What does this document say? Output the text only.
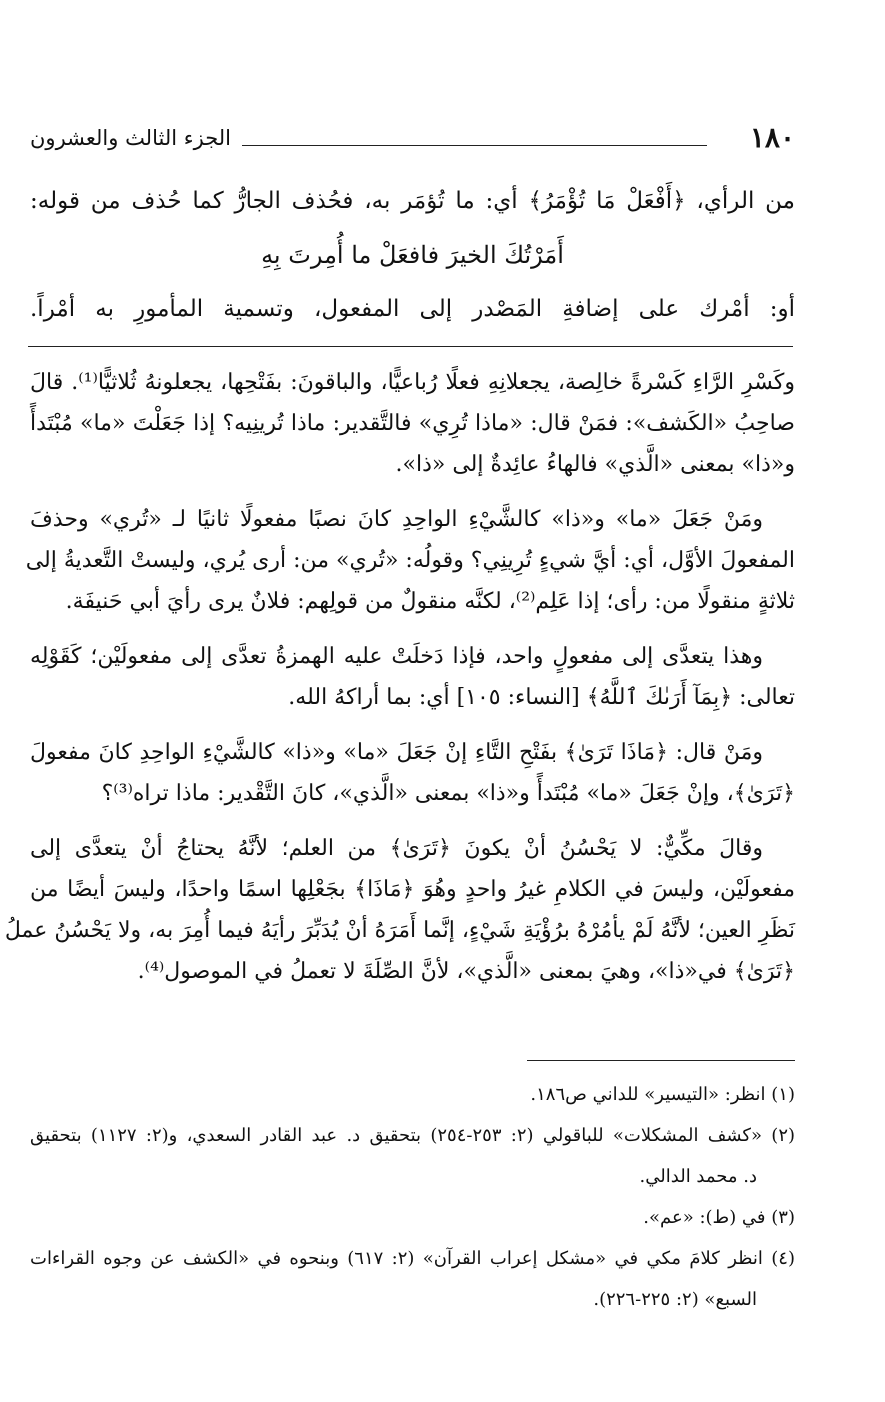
١٨٠
الجزء الثالث والعشرون
من الرأي، ﴿أَفْعَلْ مَا تُؤْمَرُ﴾ أي: ما تُؤمَر به، فحُذف الجارُّ كما حُذف من قوله:
أَمَرْتُكَ الخيرَ فافعَلْ ما أُمِرتَ بِهِ
أو: أمْرك على إضافةِ المَصْدر إلى المفعول، وتسمية المأمورِ به أمْراً.
وكَسْرِ الرَّاءِ كَسْرةً خالِصة، يجعلانِهِ فعلًا رُباعيًّا، والباقونَ: بفَتْحِها، يجعلونهُ ثُلاثيًّا⁽¹⁾. قالَ
صاحِبُ «الكَشف»: فمَنْ قال: «ماذا تُرِي» فالتَّقدير: ماذا تُرينِيه؟ إذا جَعَلْتَ «ما» مُبْتَدأً
و«ذا» بمعنى «الَّذي» فالهاءُ عائِدةٌ إلى «ذا».
ومَنْ جَعَلَ «ما» و«ذا» كالشَّيْءِ الواحِدِ كانَ نصبًا مفعولًا ثانيًا لـ «تُري» وحذفَ
المفعولَ الأوَّل، أي: أيَّ شيءٍ تُرِينِي؟ وقولُه: «تُري» من: أرى يُري، وليستْ التَّعديةُ إلى
ثلاثةٍ منقولًا من: رأى؛ إذا عَلِم⁽²⁾، لكنَّه منقولٌ من قولِهم: فلانٌ يرى رأيَ أبي حَنيفَة.
وهذا يتعدَّى إلى مفعولٍ واحد، فإذا دَخلَتْ عليه الهمزةُ تعدَّى إلى مفعولَيْن؛ كَقَوْلِه
تعالى: ﴿بِمَآ أَرَىٰكَ ٱللَّهُ﴾ [النساء: ١٠٥] أي: بما أراكهُ الله.
ومَنْ قال: ﴿مَاذَا تَرَىٰ﴾ بفَتْحِ التَّاءِ إنْ جَعَلَ «ما» و«ذا» كالشَّيْءِ الواحِدِ كانَ مفعولَ
﴿تَرَىٰ﴾، وإنْ جَعَلَ «ما» مُبْتَدأً و«ذا» بمعنى «الَّذي»، كانَ التَّقْدير: ماذا تراه⁽³⁾؟
وقالَ مكِّيٌّ: لا يَحْسُنُ أنْ يكونَ ﴿تَرَىٰ﴾ من العلم؛ لأنَّهُ يحتاجُ أنْ يتعدَّى إلى
مفعولَيْن، وليسَ في الكلامِ غيرُ واحدٍ وهُوَ ﴿مَاذَا﴾ بجَعْلِها اسمًا واحدًا، وليسَ أيضًا من
نَظَرِ العين؛ لأنَّهُ لَمْ يأمُرْهُ برُؤْيَةِ شَيْءٍ، إنَّما أَمَرَهُ أنْ يُدَبِّرَ رأيَهُ فيما أُمِرَ به، ولا يَحْسُنُ عملُ
﴿تَرَىٰ﴾ في«ذا»، وهيَ بمعنى «الَّذي»، لأنَّ الصِّلَةَ لا تعملُ في الموصول⁽⁴⁾.
(١) انظر: «التيسير» للداني ص١٨٦.
(٢) «كشف المشكلات» للباقولي (٢: ٢٥٣-٢٥٤) بتحقيق د. عبد القادر السعدي، و(٢: ١١٢٧) بتحقيق
د. محمد الدالي.
(٣) في (ط): «عم».
(٤) انظر كلامَ مكي في «مشكل إعراب القرآن» (٢: ٦١٧) وبنحوه في «الكشف عن وجوه القراءات
السبع» (٢: ٢٢٥-٢٢٦).
